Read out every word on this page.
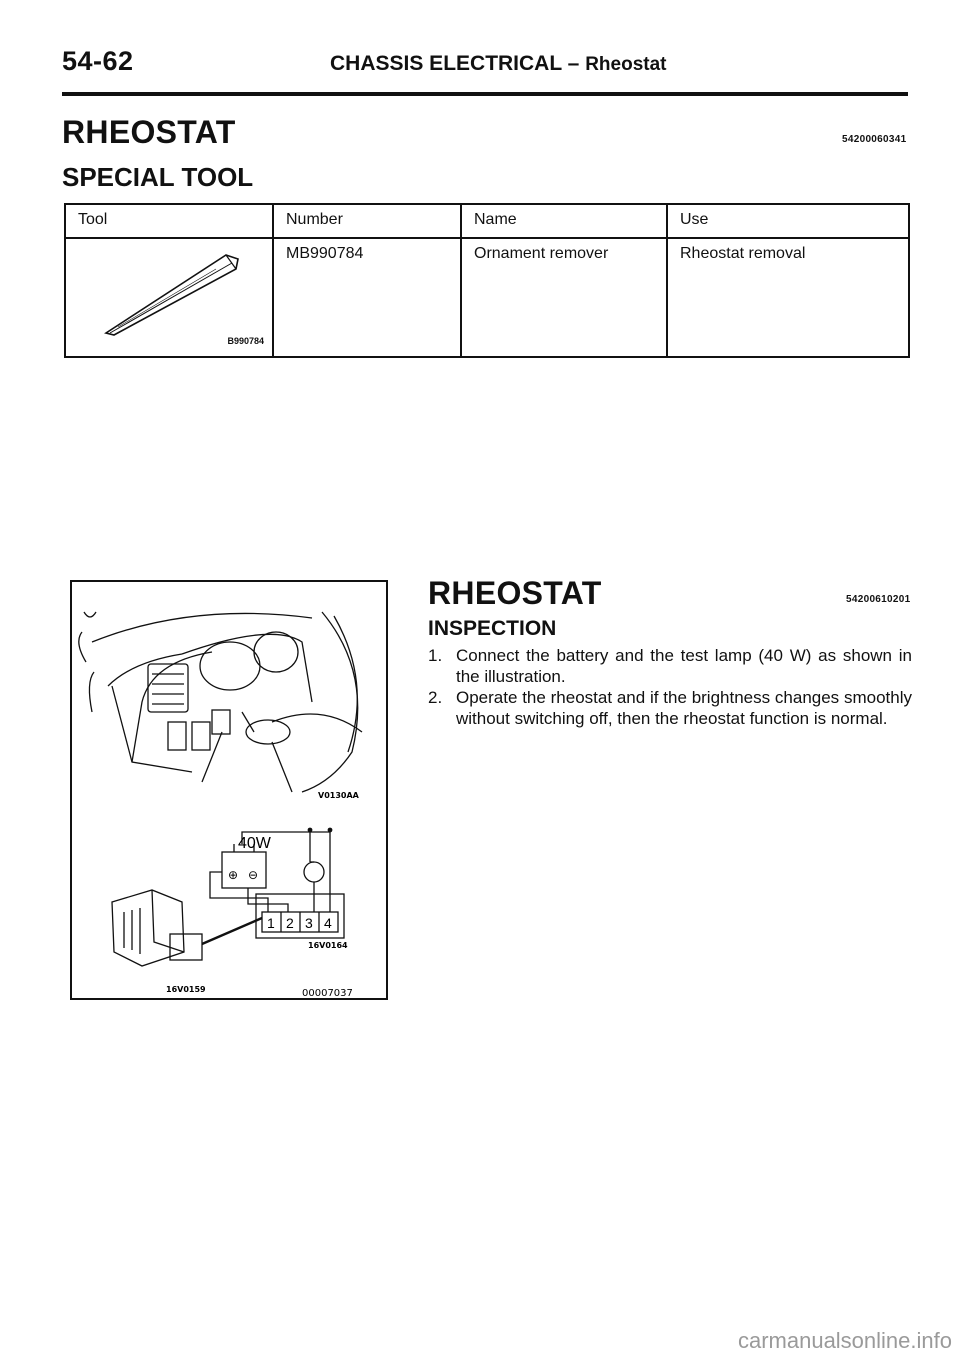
54-62	CHASSIS ELECTRICAL – Rheostat
RHEOSTAT	54200060341
SPECIAL TOOL
Tool	Number	Name	Use

B990784	MB990784	Ornament remover	Rheostat removal
40W
⊕ ⊖
1 2 3 4
V0130AA
16V0164
16V0159	00007037
RHEOSTAT	54200610201
INSPECTION
1. Connect the battery and the test lamp (40 W) as shown in the illustration.
2. Operate the rheostat and if the brightness changes smoothly without switching off, then the rheostat function is normal.
carmanualsonline.info
